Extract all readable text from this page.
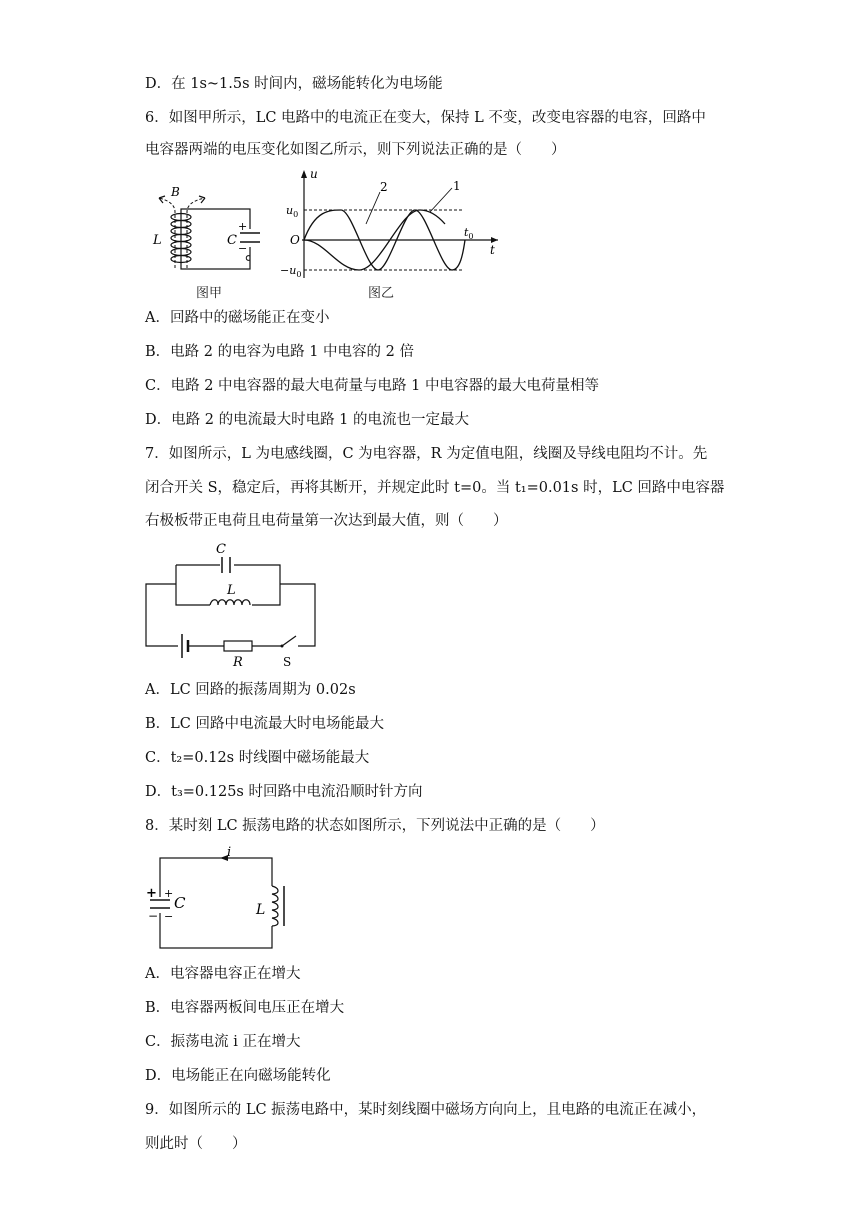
D．在 1s~1.5s 时间内，磁场能转化为电场能
6．如图甲所示，LC 电路中的电流正在变大，保持 L 不变，改变电容器的电容，回路中
电容器两端的电压变化如图乙所示，则下列说法正确的是（　　）
B
L	C
+
−
图甲
u
t
O
$u_0$
$-u_0$
$t_0$
2	1
图乙
A．回路中的磁场能正在变小
B．电路 2 的电容为电路 1 中电容的 2 倍
C．电路 2 中电容器的最大电荷量与电路 1 中电容器的最大电荷量相等
D．电路 2 的电流最大时电路 1 的电流也一定最大
7．如图所示，L 为电感线圈，C 为电容器，R 为定值电阻，线圈及导线电阻均不计。先
闭合开关 S，稳定后，再将其断开，并规定此时 t=0。当 t₁=0.01s 时，LC 回路中电容器
右极板带正电荷且电荷量第一次达到最大值，则（　　）
C
L
R	S
A．LC 回路的振荡周期为 0.02s
B．LC 回路中电流最大时电场能最大
C．t₂=0.12s 时线圈中磁场能最大
D．t₃=0.125s 时回路中电流沿顺时针方向
8．某时刻 LC 振荡电路的状态如图所示，下列说法中正确的是（　　）
i
+ +
− −
C	L
A．电容器电容正在增大
B．电容器两板间电压正在增大
C．振荡电流 i 正在增大
D．电场能正在向磁场能转化
9．如图所示的 LC 振荡电路中，某时刻线圈中磁场方向向上，且电路的电流正在减小，
则此时（　　）
